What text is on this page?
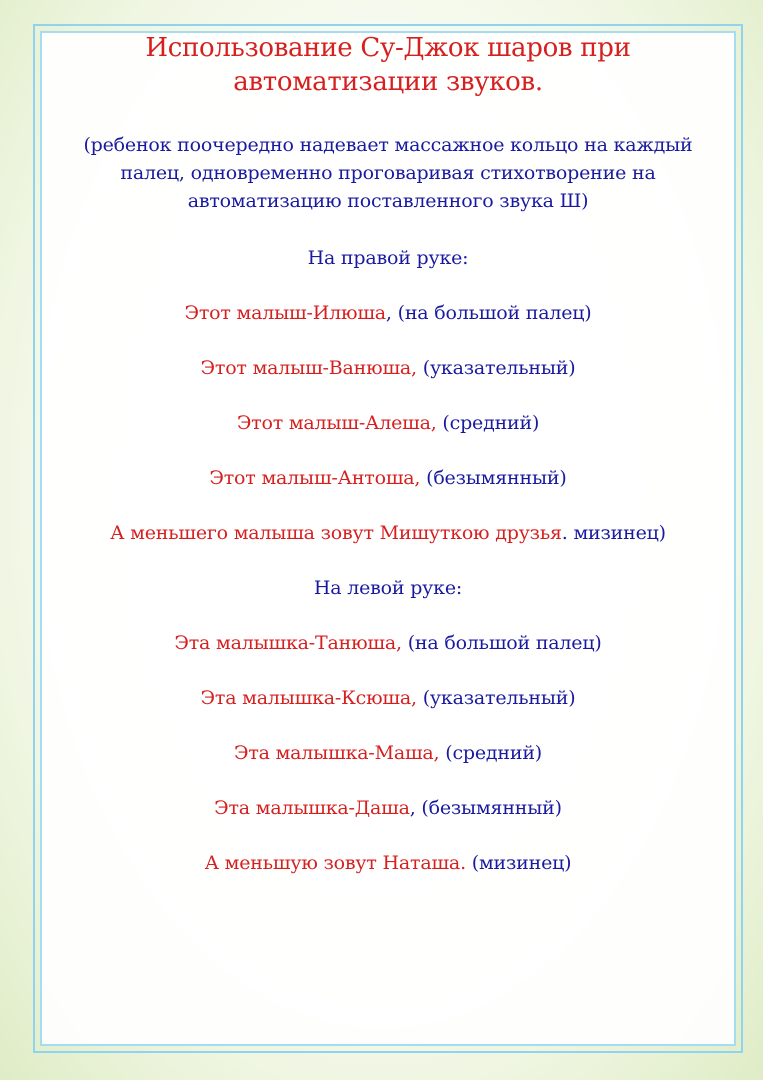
Использование Су-Джок шаров при
автоматизации звуков.
(ребенок поочередно надевает массажное кольцо на каждый
палец, одновременно проговаривая стихотворение на
автоматизацию поставленного звука Ш)
На правой руке:
Этот малыш-Илюша, (на большой палец)
Этот малыш-Ванюша, (указательный)
Этот малыш-Алеша, (средний)
Этот малыш-Антоша, (безымянный)
А меньшего малыша зовут Мишуткою друзья. мизинец)
На левой руке:
Эта малышка-Танюша, (на большой палец)
Эта малышка-Ксюша, (указательный)
Эта малышка-Маша, (средний)
Эта малышка-Даша, (безымянный)
А меньшую зовут Наташа. (мизинец)
